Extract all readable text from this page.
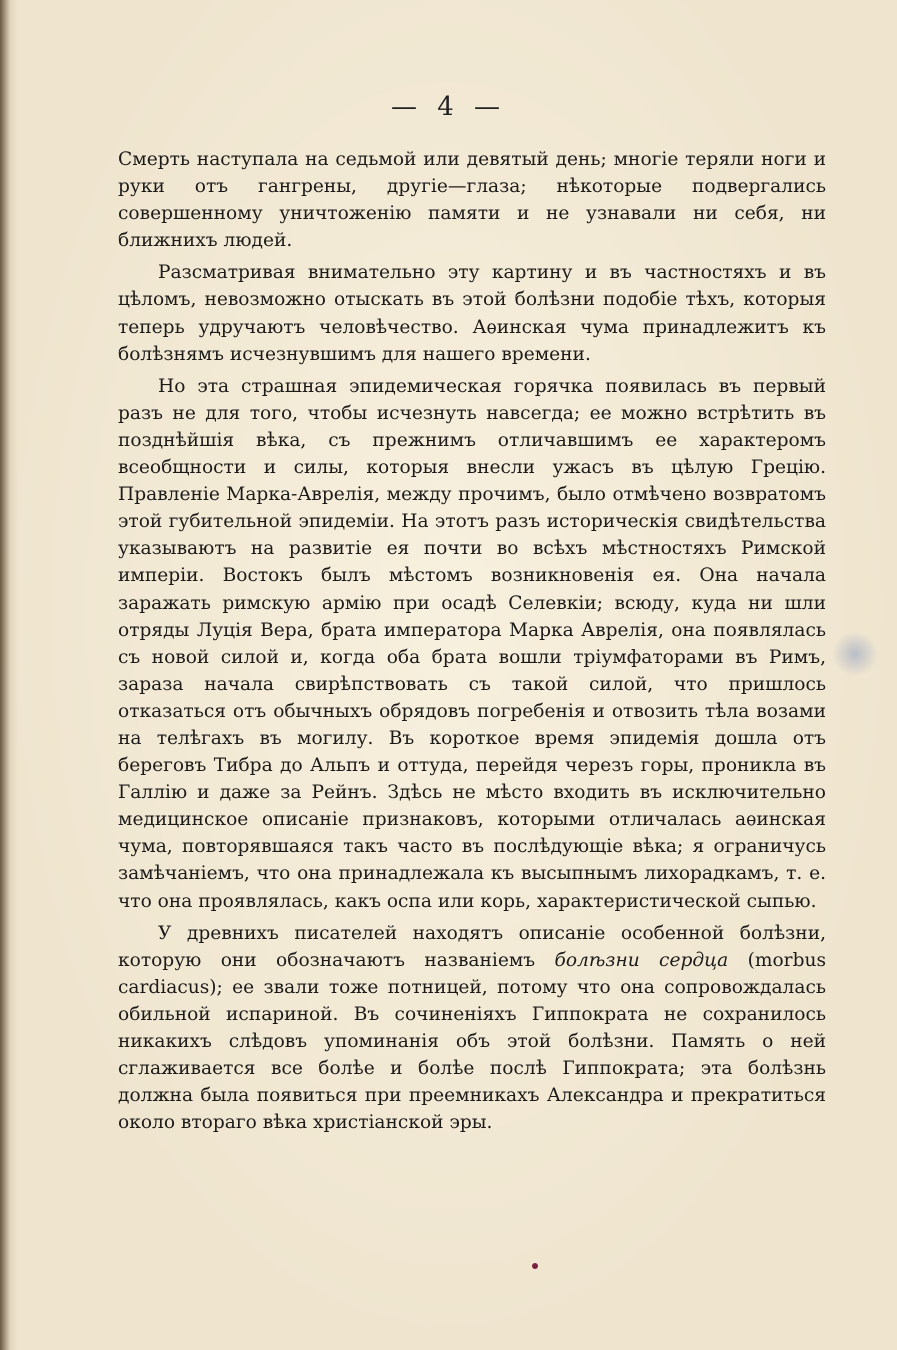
— 4 —

Смерть наступала на седьмой или девятый день; многіе теряли ноги и руки отъ гангрены, другіе—глаза; нѣкоторые подвергались совершенному уничтоженію памяти и не узнавали ни себя, ни ближнихъ людей.

Разсматривая внимательно эту картину и въ частностяхъ и въ цѣломъ, невозможно отыскать въ этой болѣзни подобіе тѣхъ, которыя теперь удручаютъ человѣчество. Аѳинская чума принадлежитъ къ болѣзнямъ исчезнувшимъ для нашего времени.

Но эта страшная эпидемическая горячка появилась въ первый разъ не для того, чтобы исчезнуть навсегда; ее можно встрѣтить въ позднѣйшія вѣка, съ прежнимъ отличавшимъ ее характеромъ всеобщности и силы, которыя внесли ужасъ въ цѣлую Грецію. Правленіе Марка-Аврелія, между прочимъ, было отмѣчено возвратомъ этой губительной эпидеміи. На этотъ разъ историческія свидѣтельства указываютъ на развитіе ея почти во всѣхъ мѣстностяхъ Римской имперіи. Востокъ былъ мѣстомъ возникновенія ея. Она начала заражать римскую армію при осадѣ Селевкіи; всюду, куда ни шли отряды Луція Вера, брата императора Марка Аврелія, она появлялась съ новой силой и, когда оба брата вошли тріумфаторами въ Римъ, зараза начала свирѣпствовать съ такой силой, что пришлось отказаться отъ обычныхъ обрядовъ погребенія и отвозить тѣла возами на телѣгахъ въ могилу. Въ короткое время эпидемія дошла отъ береговъ Тибра до Альпъ и оттуда, перейдя черезъ горы, проникла въ Галлію и даже за Рейнъ. Здѣсь не мѣсто входить въ исключительно медицинское описаніе признаковъ, которыми отличалась аѳинская чума, повторявшаяся такъ часто въ послѣдующіе вѣка; я ограничусь замѣчаніемъ, что она принадлежала къ высыпнымъ лихорадкамъ, т. е. что она проявлялась, какъ оспа или корь, характеристической сыпью.

У древнихъ писателей находятъ описаніе особенной болѣзни, которую они обозначаютъ названіемъ болѣзни сердца (morbus cardiacus); ее звали тоже потницей, потому что она сопровождалась обильной испариной. Въ сочиненіяхъ Гиппократа не сохранилось никакихъ слѣдовъ упоминанія объ этой болѣзни. Память о ней сглаживается все болѣе и болѣе послѣ Гиппократа; эта болѣзнь должна была появиться при преемникахъ Александра и прекратиться около втораго вѣка христіанской эры.
